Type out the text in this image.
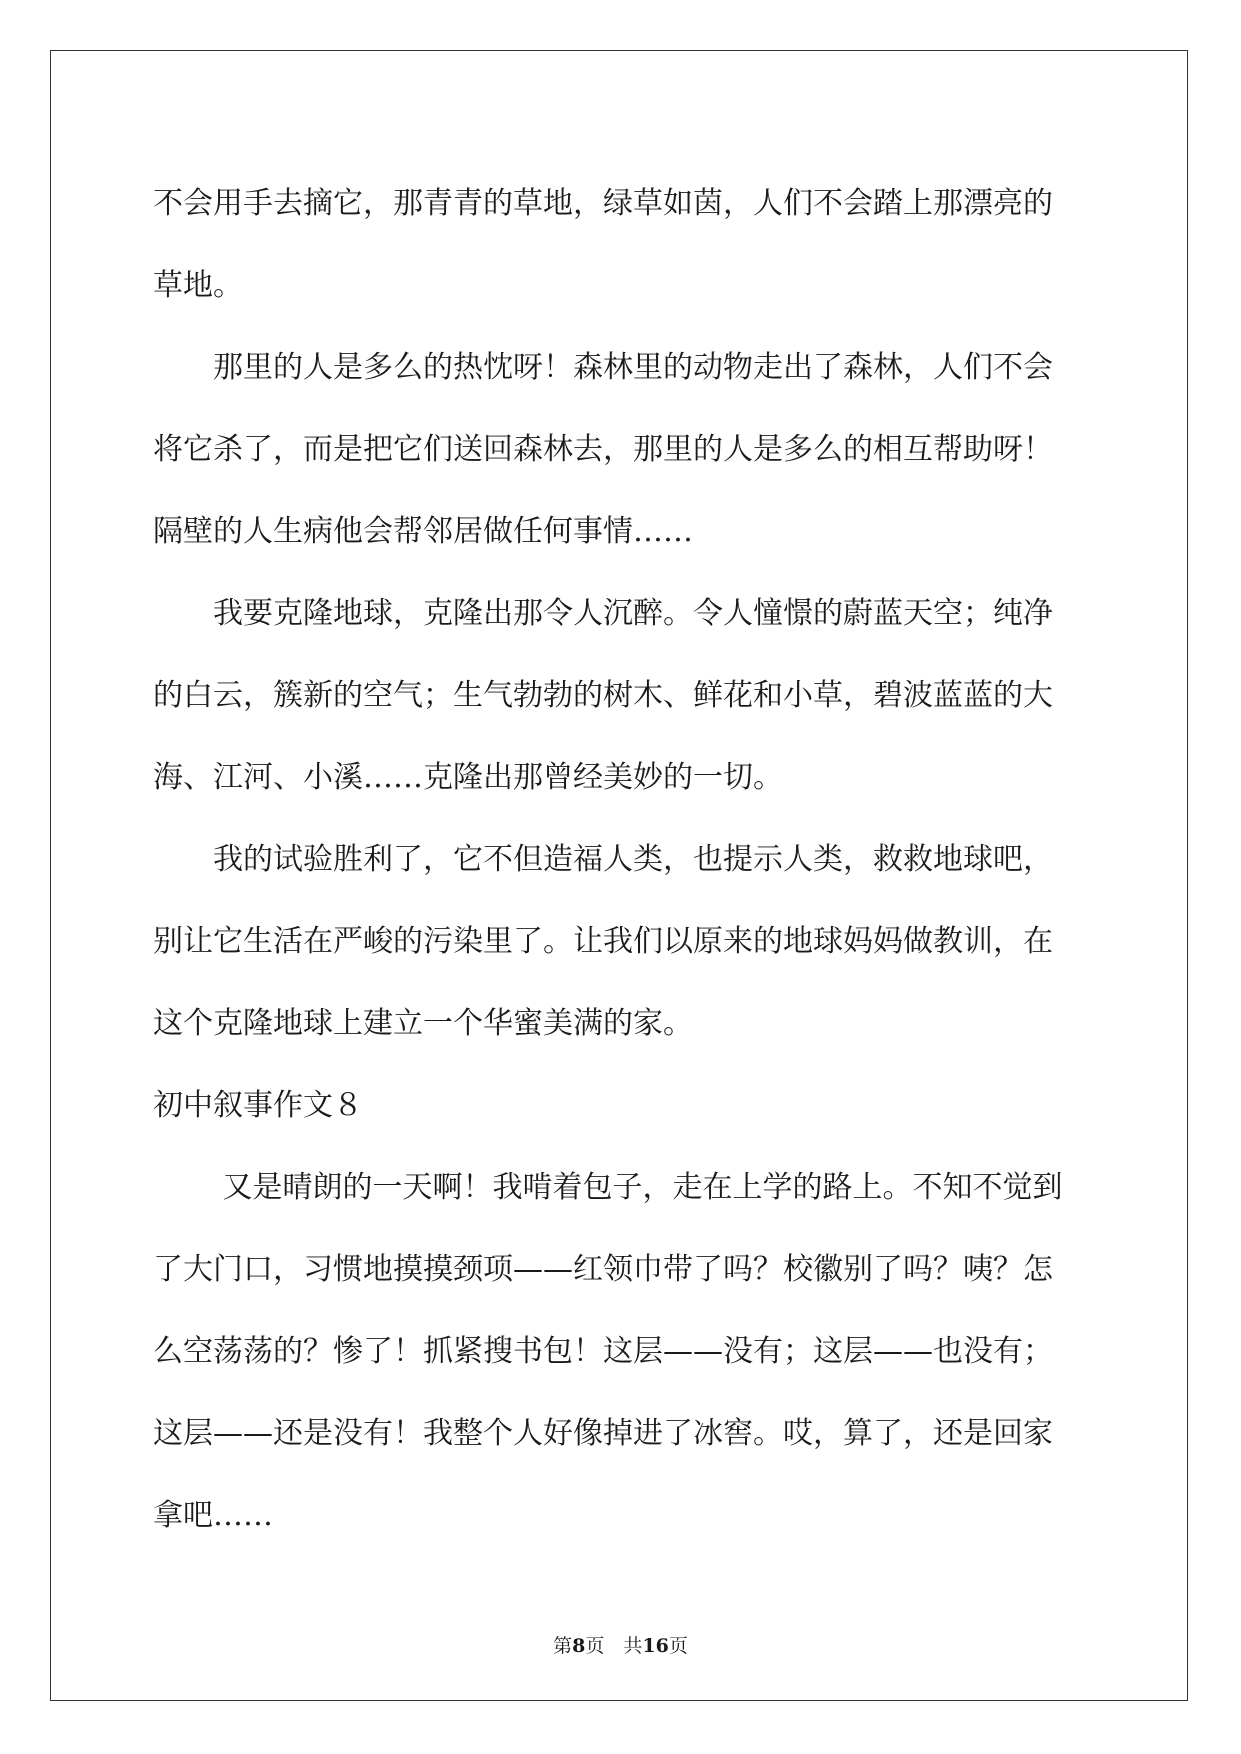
不会用手去摘它，那青青的草地，绿草如茵，人们不会踏上那漂亮的
草地。
　　那里的人是多么的热忱呀！森林里的动物走出了森林，人们不会
将它杀了，而是把它们送回森林去，那里的人是多么的相互帮助呀！
隔壁的人生病他会帮邻居做任何事情……
　　我要克隆地球，克隆出那令人沉醉。令人憧憬的蔚蓝天空；纯净
的白云，簇新的空气；生气勃勃的树木、鲜花和小草，碧波蓝蓝的大
海、江河、小溪……克隆出那曾经美妙的一切。
　　我的试验胜利了，它不但造福人类，也提示人类，救救地球吧，
别让它生活在严峻的污染里了。让我们以原来的地球妈妈做教训，在
这个克隆地球上建立一个华蜜美满的家。
初中叙事作文８
　　 又是晴朗的一天啊！我啃着包子，走在上学的路上。不知不觉到
了大门口，习惯地摸摸颈项——红领巾带了吗？校徽别了吗？咦？怎
么空荡荡的？惨了！抓紧搜书包！这层——没有；这层——也没有；
这层——还是没有！我整个人好像掉进了冰窖。哎，算了，还是回家
拿吧……
第8页　共16页
